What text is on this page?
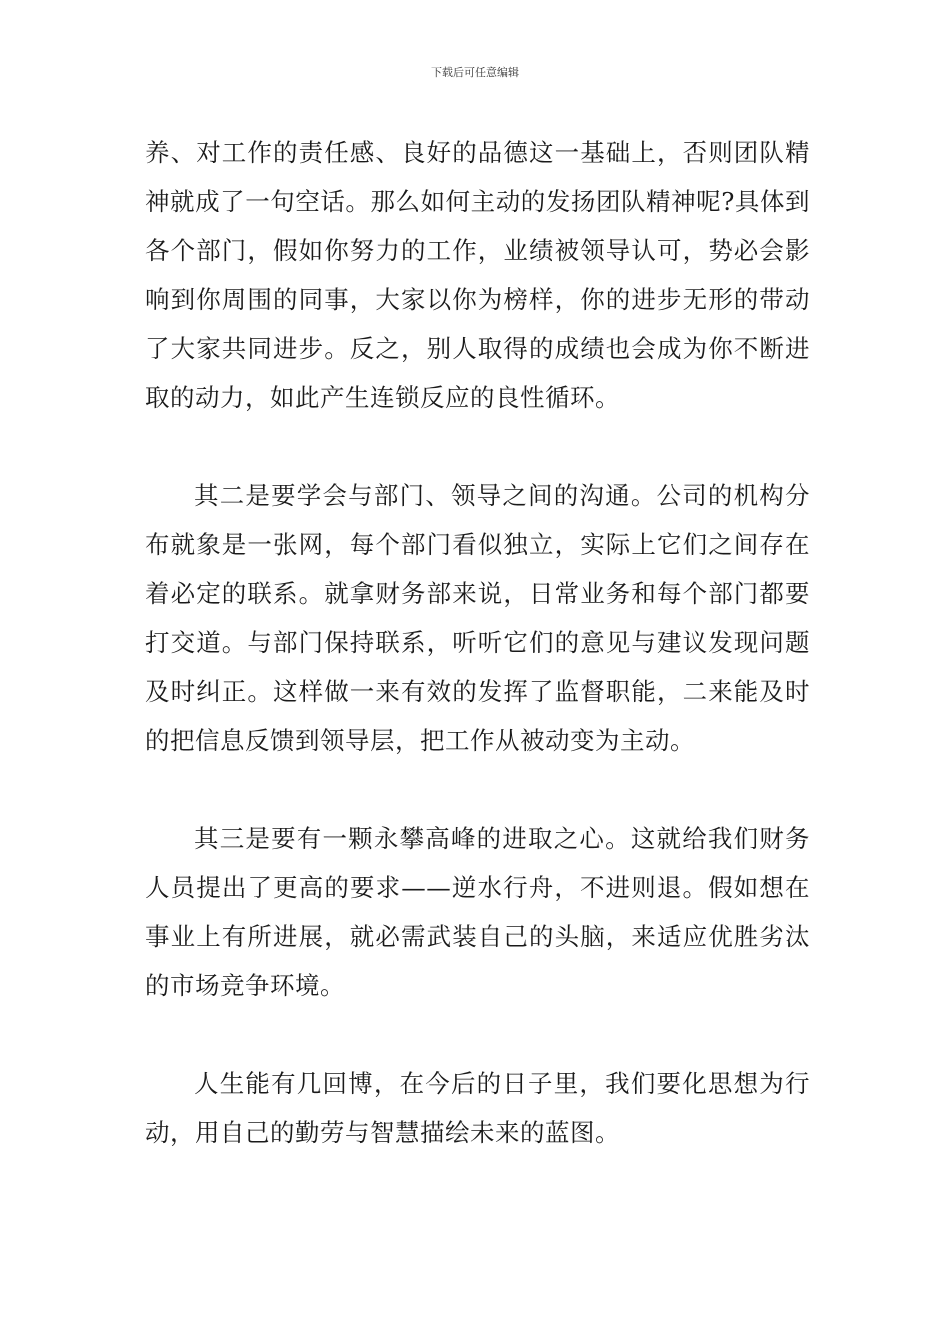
下载后可任意编辑

养、对工作的责任感、良好的品德这一基础上，否则团队精神就成了一句空话。那么如何主动的发扬团队精神呢?具体到各个部门，假如你努力的工作，业绩被领导认可，势必会影响到你周围的同事，大家以你为榜样，你的进步无形的带动了大家共同进步。反之，别人取得的成绩也会成为你不断进取的动力，如此产生连锁反应的良性循环。

其二是要学会与部门、领导之间的沟通。公司的机构分布就象是一张网，每个部门看似独立，实际上它们之间存在着必定的联系。就拿财务部来说，日常业务和每个部门都要打交道。与部门保持联系，听听它们的意见与建议发现问题及时纠正。这样做一来有效的发挥了监督职能，二来能及时的把信息反馈到领导层，把工作从被动变为主动。

其三是要有一颗永攀高峰的进取之心。这就给我们财务人员提出了更高的要求——逆水行舟，不进则退。假如想在事业上有所进展，就必需武装自己的头脑，来适应优胜劣汰的市场竞争环境。

人生能有几回博，在今后的日子里，我们要化思想为行动，用自己的勤劳与智慧描绘未来的蓝图。
